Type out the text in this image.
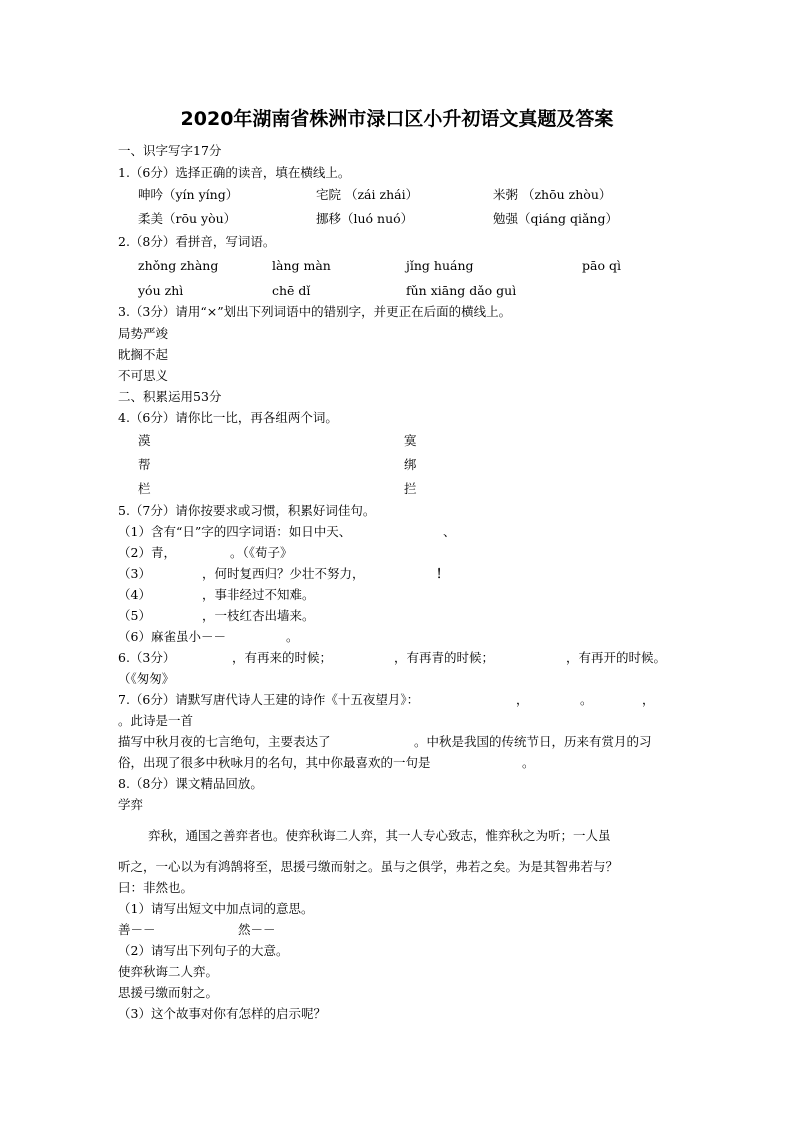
2020年湖南省株洲市渌口区小升初语文真题及答案
一、识字写字17分
1.（6分）选择正确的读音，填在横线上。
呻吟（yín yíng）	宅院 （zái zhái）	米粥 （zhōu zhòu）
柔美（rōu yòu）	挪移（luó nuó）	勉强（qiáng qiǎng）
2.（8分）看拼音，写词语。
zhǒng zhàng	làng màn	jǐng huáng	pāo qì
yóu zhì	chē dǐ	fǔn xiāng dǎo guì
3.（3分）请用“×”划出下列词语中的错别字，并更正在后面的横线上。
局势严竣
眈搁不起
不可思义
二、积累运用53分
4.（6分）请你比一比，再各组两个词。
漠	寞
帮	绑
栏	拦
5.（7分）请你按要求或习惯，积累好词佳句。
（1）含有“日”字的四字词语：如日中天、	、
（2）青，	。（《荀子》
（3）	，何时复西归？少壮不努力，	！
（4）	，事非经过不知难。
（5）	，一枝红杏出墙来。
（6）麻雀虽小－－	。
6.（3分）	，有再来的时候；	，有再青的时候；	，有再开的时候。
（《匆匆》
7.（6分）请默写唐代诗人王建的诗作《十五夜望月》：	，	。	，
。此诗是一首
描写中秋月夜的七言绝句，主要表达了	。中秋是我国的传统节日，历来有赏月的习
俗，出现了很多中秋咏月的名句，其中你最喜欢的一句是	。
8.（8分）课文精品回放。
学弈
弈秋，通国之善弈者也。使弈秋诲二人弈，其一人专心致志，惟弈秋之为听；一人虽
听之，一心以为有鸿鹄将至，思援弓缴而射之。虽与之俱学，弗若之矣。为是其智弗若与？
曰：非然也。
（1）请写出短文中加点词的意思。
善－－	然－－
（2）请写出下列句子的大意。
使弈秋诲二人弈。
思援弓缴而射之。
（3）这个故事对你有怎样的启示呢？
